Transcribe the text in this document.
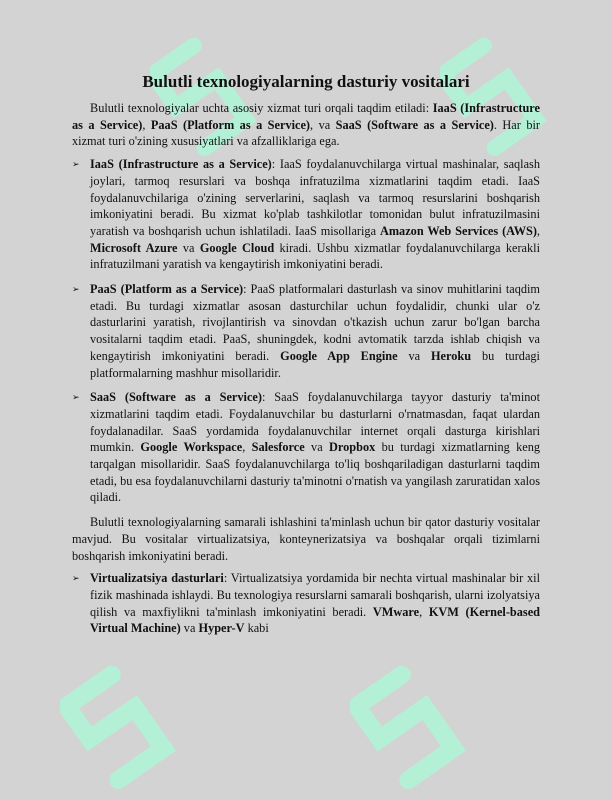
Bulutli texnologiyalarning dasturiy vositalari

Bulutli texnologiyalar uchta asosiy xizmat turi orqali taqdim etiladi: IaaS (Infrastructure as a Service), PaaS (Platform as a Service), va SaaS (Software as a Service). Har bir xizmat turi o'zining xususiyatlari va afzalliklariga ega.

➢ IaaS (Infrastructure as a Service): IaaS foydalanuvchilarga virtual mashinalar, saqlash joylari, tarmoq resurslari va boshqa infratuzilma xizmatlarini taqdim etadi. IaaS foydalanuvchilariga o'zining serverlarini, saqlash va tarmoq resurslarini boshqarish imkoniyatini beradi. Bu xizmat ko'plab tashkilotlar tomonidan bulut infratuzilmasini yaratish va boshqarish uchun ishlatiladi. IaaS misollariga Amazon Web Services (AWS), Microsoft Azure va Google Cloud kiradi. Ushbu xizmatlar foydalanuvchilarga kerakli infratuzilmani yaratish va kengaytirish imkoniyatini beradi.
➢ PaaS (Platform as a Service): PaaS platformalari dasturlash va sinov muhitlarini taqdim etadi. Bu turdagi xizmatlar asosan dasturchilar uchun foydalidir, chunki ular o'z dasturlarini yaratish, rivojlantirish va sinovdan o'tkazish uchun zarur bo'lgan barcha vositalarni taqdim etadi. PaaS, shuningdek, kodni avtomatik tarzda ishlab chiqish va kengaytirish imkoniyatini beradi. Google App Engine va Heroku bu turdagi platformalarning mashhur misollaridir.
➢ SaaS (Software as a Service): SaaS foydalanuvchilarga tayyor dasturiy ta'minot xizmatlarini taqdim etadi. Foydalanuvchilar bu dasturlarni o'rnatmasdan, faqat ulardan foydalanadilar. SaaS yordamida foydalanuvchilar internet orqali dasturga kirishlari mumkin. Google Workspace, Salesforce va Dropbox bu turdagi xizmatlarning keng tarqalgan misollaridir. SaaS foydalanuvchilarga to'liq boshqariladigan dasturlarni taqdim etadi, bu esa foydalanuvchilarni dasturiy ta'minotni o'rnatish va yangilash zaruratidan xalos qiladi.

Bulutli texnologiyalarning samarali ishlashini ta'minlash uchun bir qator dasturiy vositalar mavjud. Bu vositalar virtualizatsiya, konteynerizatsiya va boshqalar orqali tizimlarni boshqarish imkoniyatini beradi.

➢ Virtualizatsiya dasturlari: Virtualizatsiya yordamida bir nechta virtual mashinalar bir xil fizik mashinada ishlaydi. Bu texnologiya resurslarni samarali boshqarish, ularni izolyatsiya qilish va maxfiylikni ta'minlash imkoniyatini beradi. VMware, KVM (Kernel-based Virtual Machine) va Hyper-V kabi
